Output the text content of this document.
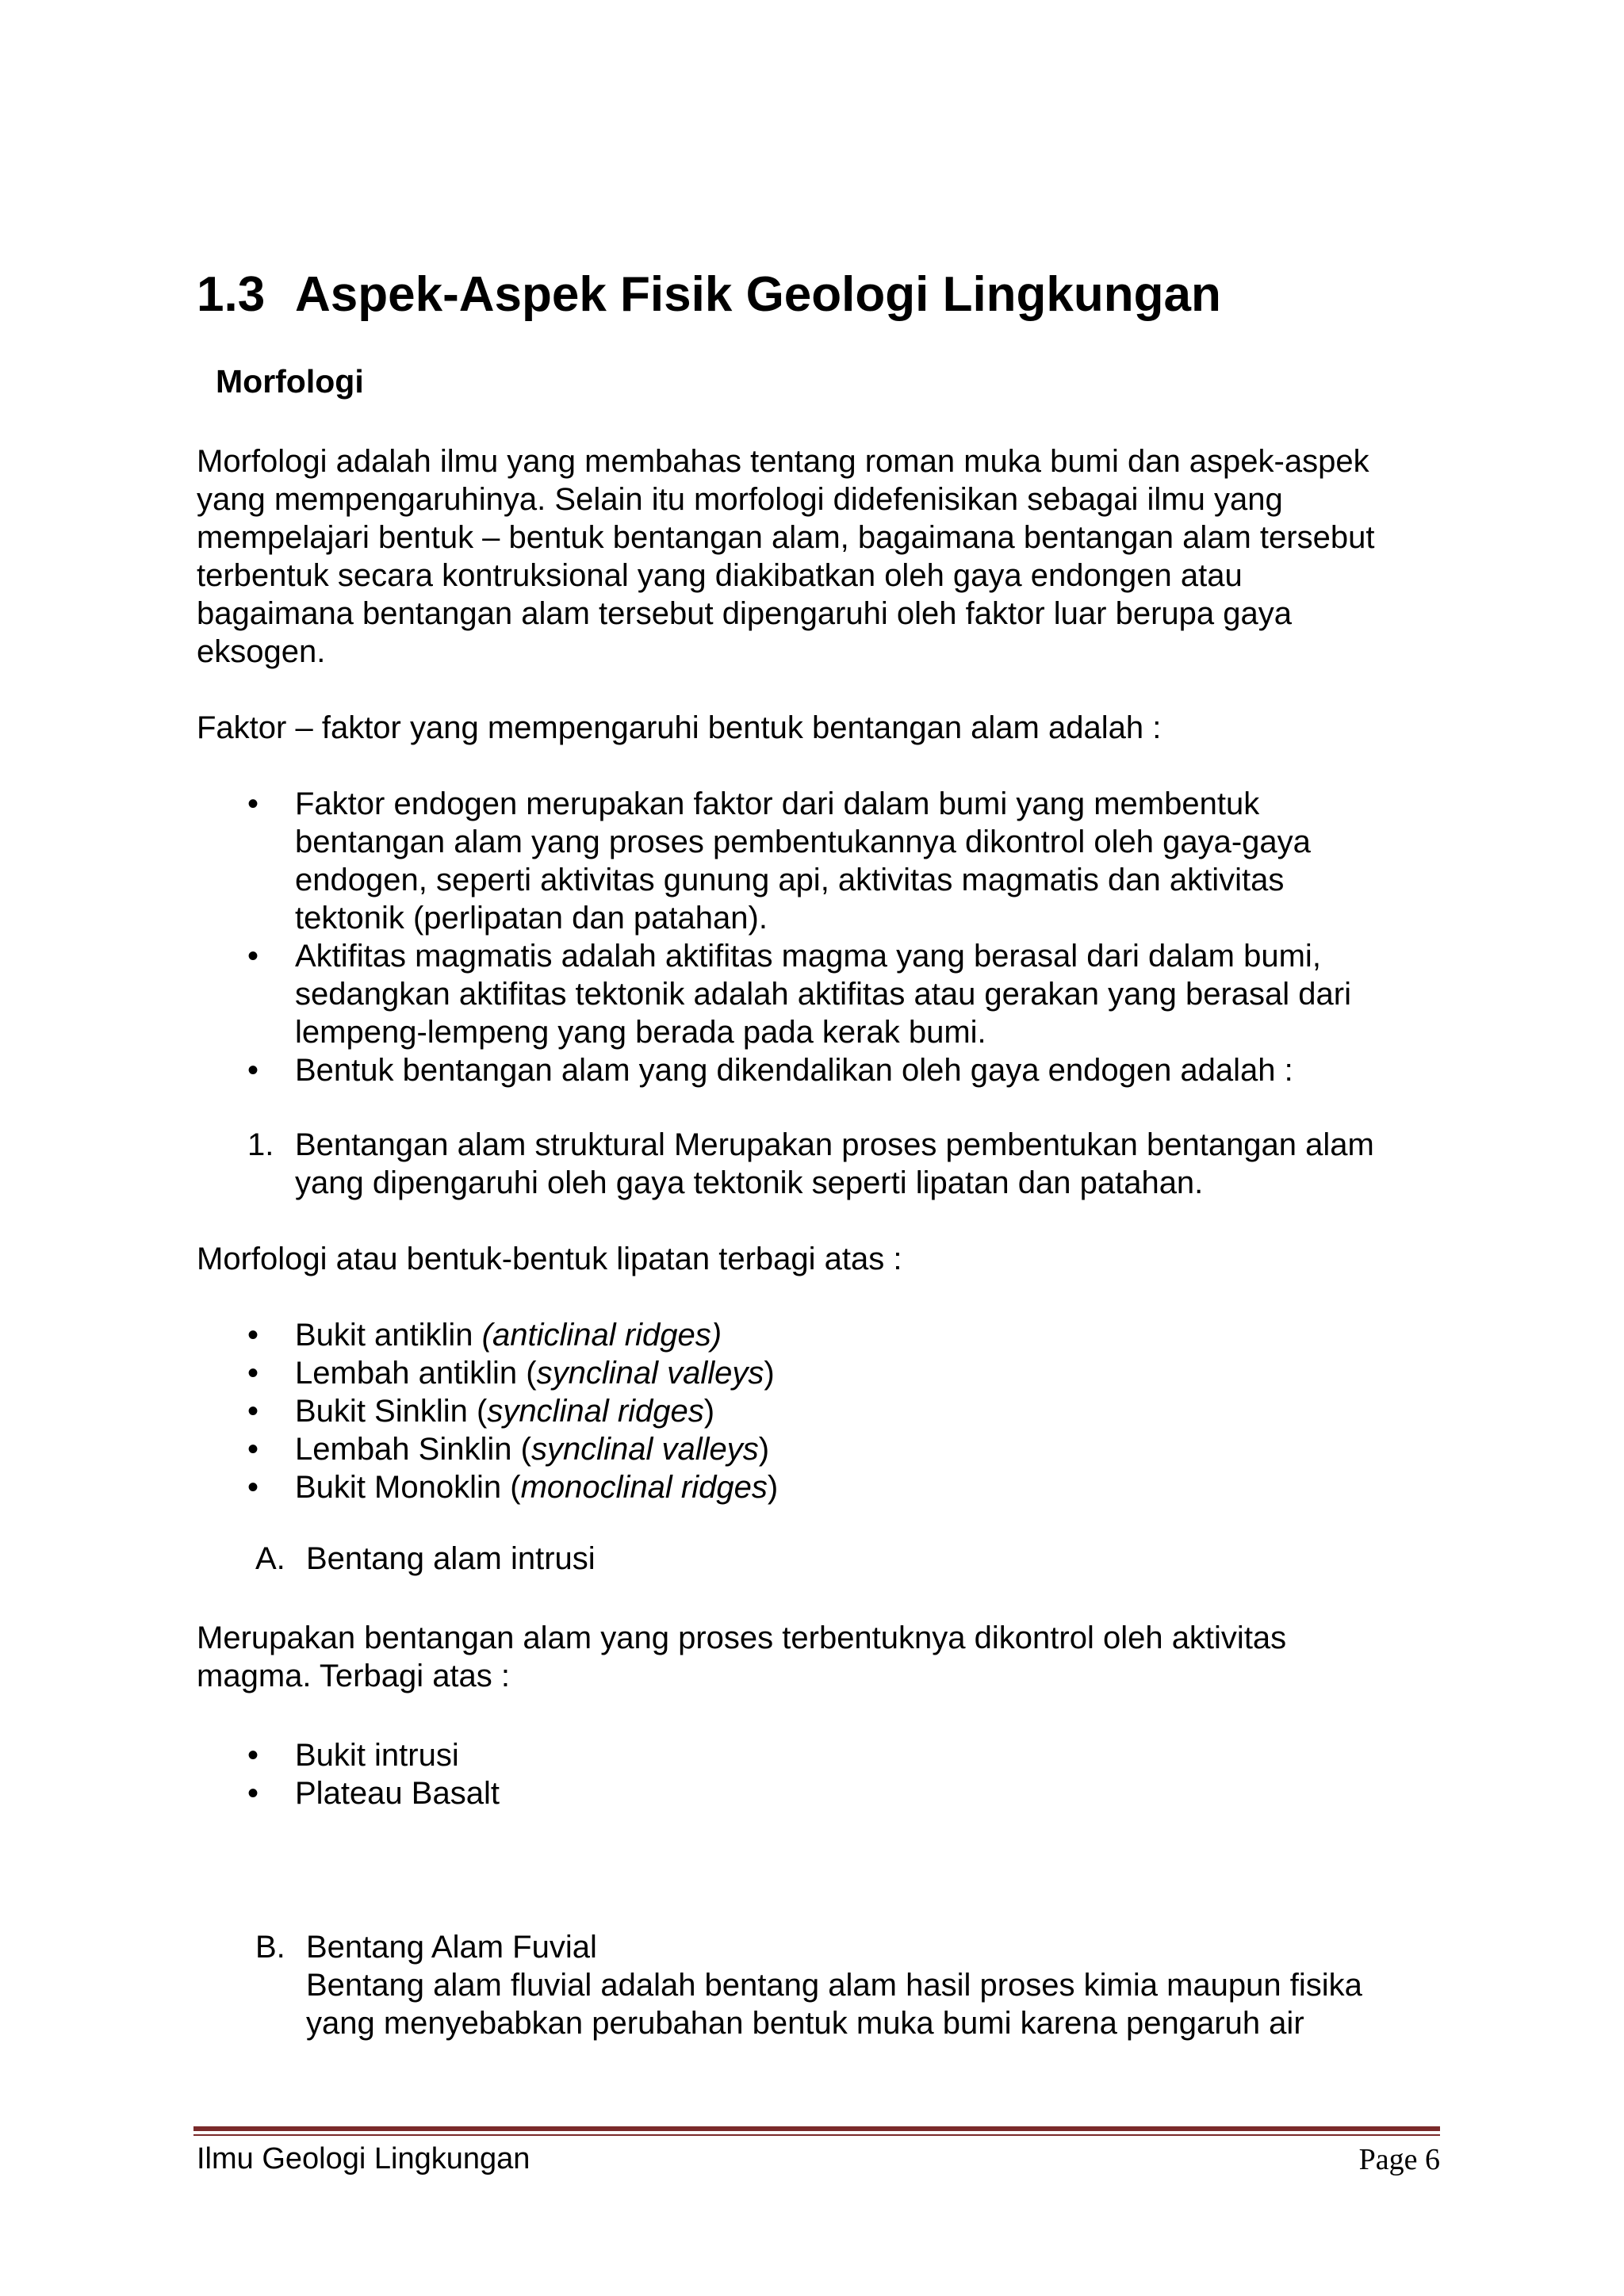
1.3 Aspek-Aspek Fisik Geologi Lingkungan
Morfologi
Morfologi adalah ilmu yang membahas tentang roman muka bumi dan aspek-aspek
yang mempengaruhinya. Selain itu morfologi didefenisikan sebagai ilmu yang
mempelajari bentuk – bentuk bentangan alam, bagaimana bentangan alam tersebut
terbentuk secara kontruksional yang diakibatkan oleh gaya endongen atau
bagaimana bentangan alam tersebut dipengaruhi oleh faktor luar berupa gaya
eksogen.
Faktor – faktor yang mempengaruhi bentuk bentangan alam adalah :
•	Faktor endogen merupakan faktor dari dalam bumi yang membentuk
bentangan alam yang proses pembentukannya dikontrol oleh gaya-gaya
endogen, seperti aktivitas gunung api, aktivitas magmatis dan aktivitas
tektonik (perlipatan dan patahan).
•	Aktifitas magmatis adalah aktifitas magma yang berasal dari dalam bumi,
sedangkan aktifitas tektonik adalah aktifitas atau gerakan yang berasal dari
lempeng-lempeng yang berada pada kerak bumi.
•	Bentuk bentangan alam yang dikendalikan oleh gaya endogen adalah :
1. Bentangan alam struktural Merupakan proses pembentukan bentangan alam
yang dipengaruhi oleh gaya tektonik seperti lipatan dan patahan.
Morfologi atau bentuk-bentuk lipatan terbagi atas :
•	Bukit antiklin (anticlinal ridges)
•	Lembah antiklin (synclinal valleys)
•	Bukit Sinklin (synclinal ridges)
•	Lembah Sinklin (synclinal valleys)
•	Bukit Monoklin (monoclinal ridges)
A. Bentang alam intrusi
Merupakan bentangan alam yang proses terbentuknya dikontrol oleh aktivitas
magma. Terbagi atas :
•	Bukit intrusi
•	Plateau Basalt
B. Bentang Alam Fuvial
Bentang alam fluvial adalah bentang alam hasil proses kimia maupun fisika
yang menyebabkan perubahan bentuk muka bumi karena pengaruh air
Ilmu Geologi Lingkungan	Page 6
